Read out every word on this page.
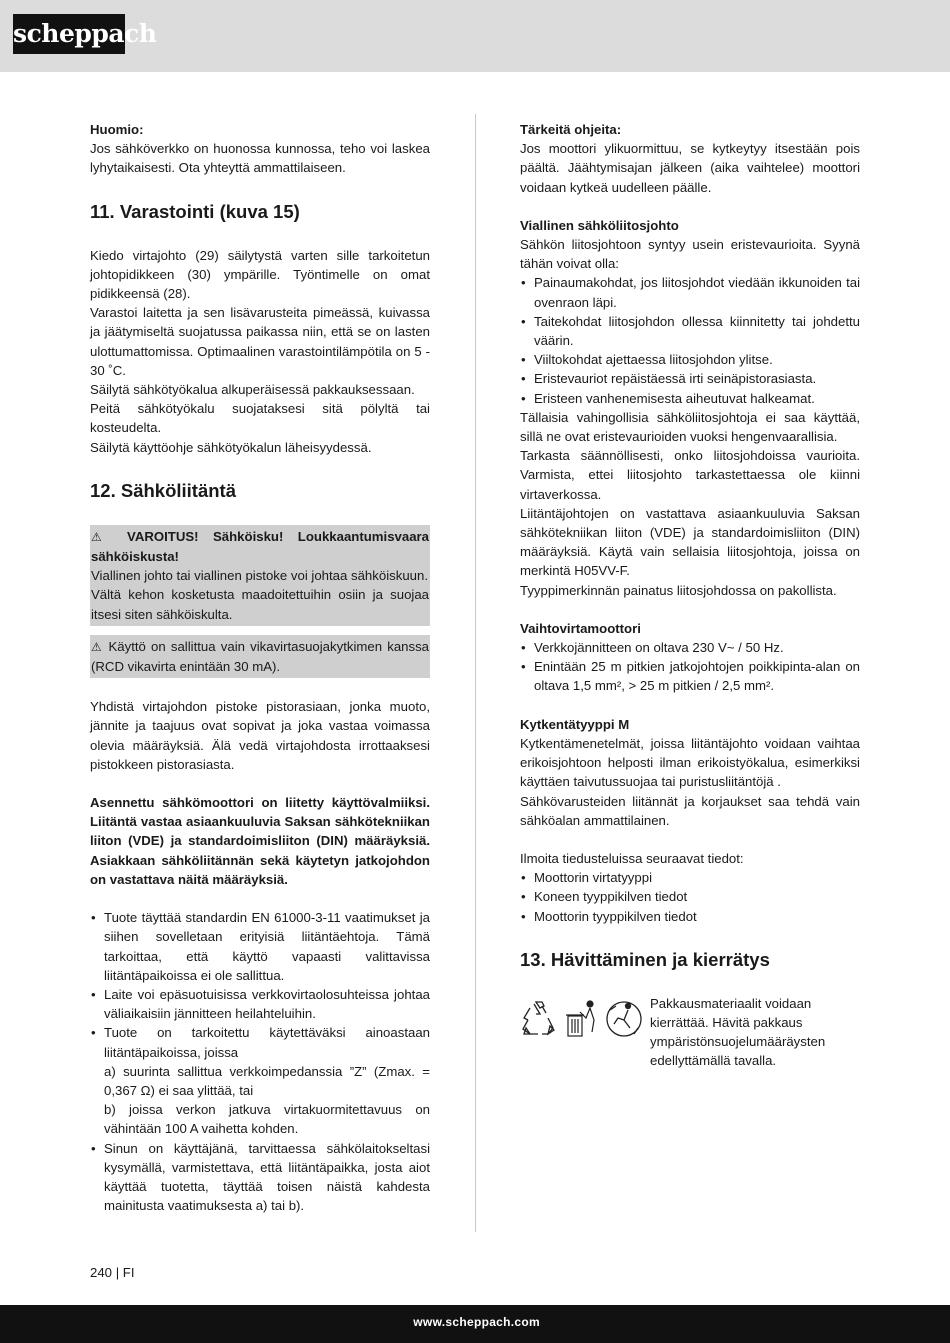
scheppach

Huomio:

Jos sähköverkko on huonossa kunnossa, teho voi laskea lyhytaikaisesti. Ota yhteyttä ammattilaiseen.

11. Varastointi (kuva 15)

Kiedo virtajohto (29) säilytystä varten sille tarkoitetun johtopidikkeen (30) ympärille. Työntimelle on omat pidikkeensä (28).

Varastoi laitetta ja sen lisävarusteita pimeässä, kuivassa ja jäätymiseltä suojatussa paikassa niin, että se on lasten ulottumattomissa. Optimaalinen varastointilämpötila on 5 - 30 ˚C.

Säilytä sähkötyökalua alkuperäisessä pakkauksessaan.

Peitä sähkötyökalu suojataksesi sitä pölyltä tai kosteudelta.

Säilytä käyttöohje sähkötyökalun läheisyydessä.

12. Sähköliitäntä

⚠ VAROITUS! Sähköisku! Loukkaantumisvaara sähköiskusta!

Viallinen johto tai viallinen pistoke voi johtaa sähköiskuun.

Vältä kehon kosketusta maadoitettuihin osiin ja suojaa itsesi siten sähköiskulta.

⚠ Käyttö on sallittua vain vikavirtasuojakytkimen kanssa (RCD vikavirta enintään 30 mA).

Yhdistä virtajohdon pistoke pistorasiaan, jonka muoto, jännite ja taajuus ovat sopivat ja joka vastaa voimassa olevia määräyksiä. Älä vedä virtajohdosta irrottaaksesi pistokkeen pistorasiasta.

Asennettu sähkömoottori on liitetty käyttövalmiiksi. Liitäntä vastaa asiaankuuluvia Saksan sähkötekniikan liiton (VDE) ja standardoimisliiton (DIN) määräyksiä. Asiakkaan sähköliitännän sekä käytetyn jatkojohdon on vastattava näitä määräyksiä.

• Tuote täyttää standardin EN 61000-3-11 vaatimukset ja siihen sovelletaan erityisiä liitäntäehtoja. Tämä tarkoittaa, että käyttö vapaasti valittavissa liitäntäpaikoissa ei ole sallittua.
• Laite voi epäsuotuisissa verkkovirtaolosuhteissa johtaa väliaikaisiin jännitteen heilahteluihin.
• Tuote on tarkoitettu käytettäväksi ainoastaan liitäntäpaikoissa, joissa
a) suurinta sallittua verkkoimpedanssia ”Z” (Zmax. = 0,367 Ω) ei saa ylittää, tai
b) joissa verkon jatkuva virtakuormitettavuus on vähintään 100 A vaihetta kohden.
• Sinun on käyttäjänä, tarvittaessa sähkölaitokseltasi kysymällä, varmistettava, että liitäntäpaikka, josta aiot käyttää tuotetta, täyttää toisen näistä kahdesta mainitusta vaatimuksesta a) tai b).

Tärkeitä ohjeita:

Jos moottori ylikuormittuu, se kytkeytyy itsestään pois päältä. Jäähtymisajan jälkeen (aika vaihtelee) moottori voidaan kytkeä uudelleen päälle.

Viallinen sähköliitosjohto

Sähkön liitosjohtoon syntyy usein eristevaurioita. Syynä tähän voivat olla:

• Painaumakohdat, jos liitosjohdot viedään ikkunoiden tai ovenraon läpi.
• Taitekohdat liitosjohdon ollessa kiinnitetty tai johdettu väärin.
• Viiltokohdat ajettaessa liitosjohdon ylitse.
• Eristevauriot repäistäessä irti seinäpistorasiasta.
• Eristeen vanhenemisesta aiheutuvat halkeamat.

Tällaisia vahingollisia sähköliitosjohtoja ei saa käyttää, sillä ne ovat eristevaurioiden vuoksi hengenvaarallisia.

Tarkasta säännöllisesti, onko liitosjohdoissa vaurioita. Varmista, ettei liitosjohto tarkastettaessa ole kiinni virtaverkossa.

Liitäntäjohtojen on vastattava asiaankuuluvia Saksan sähkötekniikan liiton (VDE) ja standardoimisliiton (DIN) määräyksiä. Käytä vain sellaisia liitosjohtoja, joissa on merkintä H05VV-F.

Tyyppimerkinnän painatus liitosjohdossa on pakollista.

Vaihtovirtamoottori

• Verkkojännitteen on oltava 230 V~ / 50 Hz.
• Enintään 25 m pitkien jatkojohtojen poikkipinta-alan on oltava 1,5 mm², > 25 m pitkien / 2,5 mm².

Kytkentätyyppi M

Kytkentämenetelmät, joissa liitäntäjohto voidaan vaihtaa erikoisjohtoon helposti ilman erikoistyökalua, esimerkiksi käyttäen taivutussuojaa tai puristusliitäntöjä .

Sähkövarusteiden liitännät ja korjaukset saa tehdä vain sähköalan ammattilainen.

Ilmoita tiedusteluissa seuraavat tiedot:

• Moottorin virtatyyppi
• Koneen tyyppikilven tiedot
• Moottorin tyyppikilven tiedot
13. Hävittäminen ja kierrätys

Pakkausmateriaalit voidaan kierrättää. Hävitä pakkaus ympäristönsuojelumääräysten edellyttämällä tavalla.

240 | FI
www.scheppach.com
